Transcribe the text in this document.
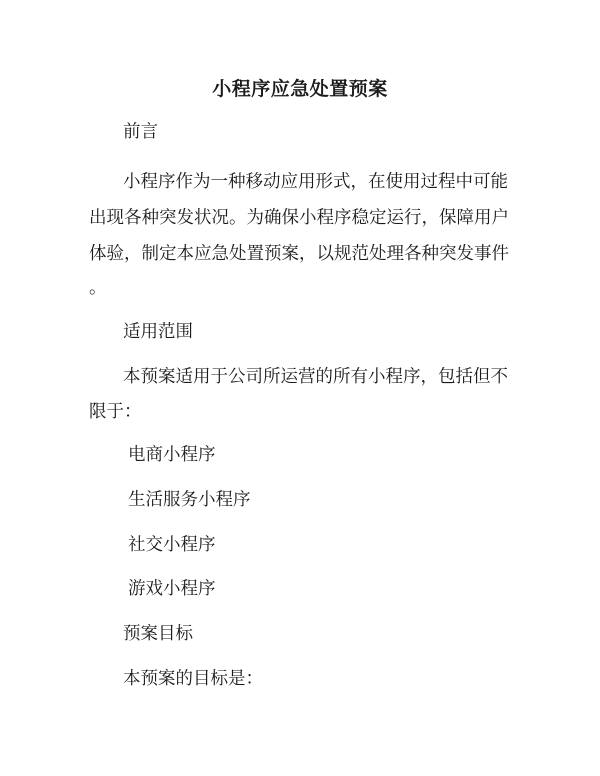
小程序应急处置预案
前言
小程序作为一种移动应用形式，在使用过程中可能
出现各种突发状况。为确保小程序稳定运行，保障用户
体验，制定本应急处置预案，以规范处理各种突发事件
。
适用范围
本预案适用于公司所运营的所有小程序，包括但不
限于：
电商小程序
生活服务小程序
社交小程序
游戏小程序
预案目标
本预案的目标是：
